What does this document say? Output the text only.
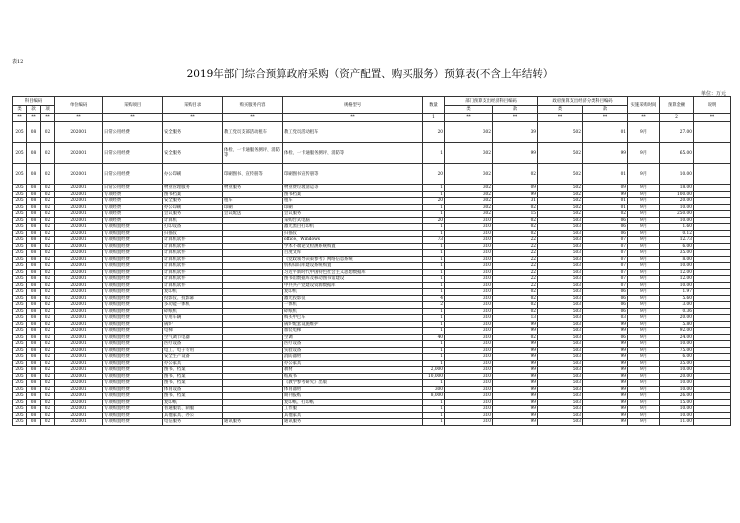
表12
2019年部门综合预算政府采购（资产配置、购买服务）预算表(不含上年结转）
单位：万元
科目编码			单位编码	采购项目	采购目录	购买服务内容	规格型号	数量	部门预算支出经济科目编码		政府预算支出经济分类科目编码		实施采购时间	预算金额	说明
类	款	项							类	款	类	款			
**	**	**	**	**	**	**	**	1	**	**	**	**	**	2	**
205	08	02	202001	日常公用经费	安全服务	教工党员支部活动租车	教工党员活动租车	20	302	39	502	01	9月	27.00	
205	08	02	202001	日常公用经费	安全服务	体检、一卡通服务测评、消防等	体检、一卡通服务测评、消防等	1	302	99	502	99	9月	65.00	
205	08	02	202001	日常公用经费	办公印刷	印刷图书、宣传册等	印刷图书宣传册等	20	302	02	502	01	9月	10.00	
205	08	02	202001	日常公用经费	物业管理服务	物业服务	物业费垃圾清运等	1	302	09	502	09	9月	18.00	
205	08	02	202001	专项经费	图书档案		图书档案	1	302	99	502	99	9月	100.00	
205	08	02	202001	专项经费	安全服务	租车	租车	20	302	31	502	01	9月	20.00	
205	08	02	202001	专项经费	办公印刷	印刷	印刷	1	302	02	502	01	9月	10.00	
205	08	02	202001	专项经费	会议服务	会议配送	会议服务	1	302	15	502	02	9月	250.00	
205	08	02	202001	专项经费	计算机		采购台式电脑	20	310	02	503	06	9月	10.00	
205	08	02	202001	专项购置经费	打印设备		激光黑白打印机	1	310	02	503	06	9月	1.60	
205	08	02	202001	专项购置经费	扫描仪		扫描仪	1	310	02	503	06	9月	0.12	
205	08	02	202001	专项购置经费	计算机软件		office、Windows	73	310	22	503	07	9月	12.73	
205	08	02	202001	专项购置经费	计算机软件		学术不端论文检测系统购置	1	310	22	503	07	9月	6.00	
205	08	02	202001	专项购置经费	计算机软件		百度文库	1	310	22	503	07	9月	35.00	
205	08	02	202001	专项购置经费	计算机软件		《党政领导决策参考》网络信息系统	1	310	22	503	07	9月	8.00	
205	08	02	202001	专项购置经费	计算机软件		机构知识库建设系统购置	1	310	22	503	07	9月	10.00	
205	08	02	202001	专项购置经费	计算机软件		习近平新时代中国特色社会主义思想数据库	1	310	22	503	07	9月	12.00	
205	08	02	202001	专项购置经费	计算机软件		图书馆数据库及移动图书馆建设	1	310	22	503	07	9月	12.00	
205	08	02	202001	专项购置经费	计算机软件		中共共产党建设资源数据库	1	310	22	503	07	9月	10.00	
205	08	02	202001	专项购置经费	复印机		复印机	1	310	02	503	06	9月	1.97	
205	08	02	202001	专项购置经费	投影仪、投影幕		激光投影仪	4	310	02	503	06	9月	5.60	
205	08	02	202001	专项购置经费	多功能一体机		一体机	2	310	02	503	06	9月	3.00	
205	08	02	202001	专项购置经费	碎纸机		碎纸机	1	310	02	503	06	9月	0.36	
205	08	02	202001	专项购置经费	专用车辆		购买中巴车	1	310	13	503	03	9月	20.00	
205	08	02	202001	专项购置经费	锅炉		锅炉配套设施维护	1	310	99	503	99	9月	5.80	
205	08	02	202001	专项购置经费	电梯		加装电梯	1	310	99	503	99	9月	92.00	
205	08	02	202001	专项购置经费	空气调节电器		空调	40	310	02	503	06	9月	24.00	
205	08	02	202001	专项购置经费	医疗设备		医疗设备	1	310	99	503	99	9月	10.00	
205	08	02	202001	专项购置经费	电工、电子专用		实验设备	1	310	99	503	99	9月	75.00	
205	08	02	202001	专项购置经费	安全生产设备		消防器材	1	310	99	503	99	9月	6.00	
205	08	02	202001	专项购置经费	办公家具		办公家具	1	310	99	503	99	9月	35.00	
205	08	02	202001	专项购置经费	图书、档案		教材	2,000	310	99	503	99	9月	10.00	
205	08	02	202001	专项购置经费	图书、档案		纸质书	10,000	310	99	503	99	9月	20.00	
205	08	02	202001	专项购置经费	图书、档案		《教学参考研究》出版	1	310	99	503	99	9月	10.00	
205	08	02	202001	专项购置经费	体育设备		体育器材	300	310	99	503	99	9月	10.00	
205	08	02	202001	专项购置经费	图书、档案		期刊报纸	8,000	310	99	503	99	9月	26.00	
205	08	02	202001	专项购置经费	复印纸		复印纸、打印纸	1	310	99	503	99	9月	15.00	
205	08	02	202001	专项购置经费	普通服装、制服		工作服	1	310	99	503	99	9月	10.00	
205	08	02	202001	专项购置经费	其他家具、办公		其他家具	1	310	99	503	99	9月	10.00	
205	08	02	202001	专项购置经费	电信服务	通讯服务	通讯服务	1	310	99	503	99	9月	11.00	
